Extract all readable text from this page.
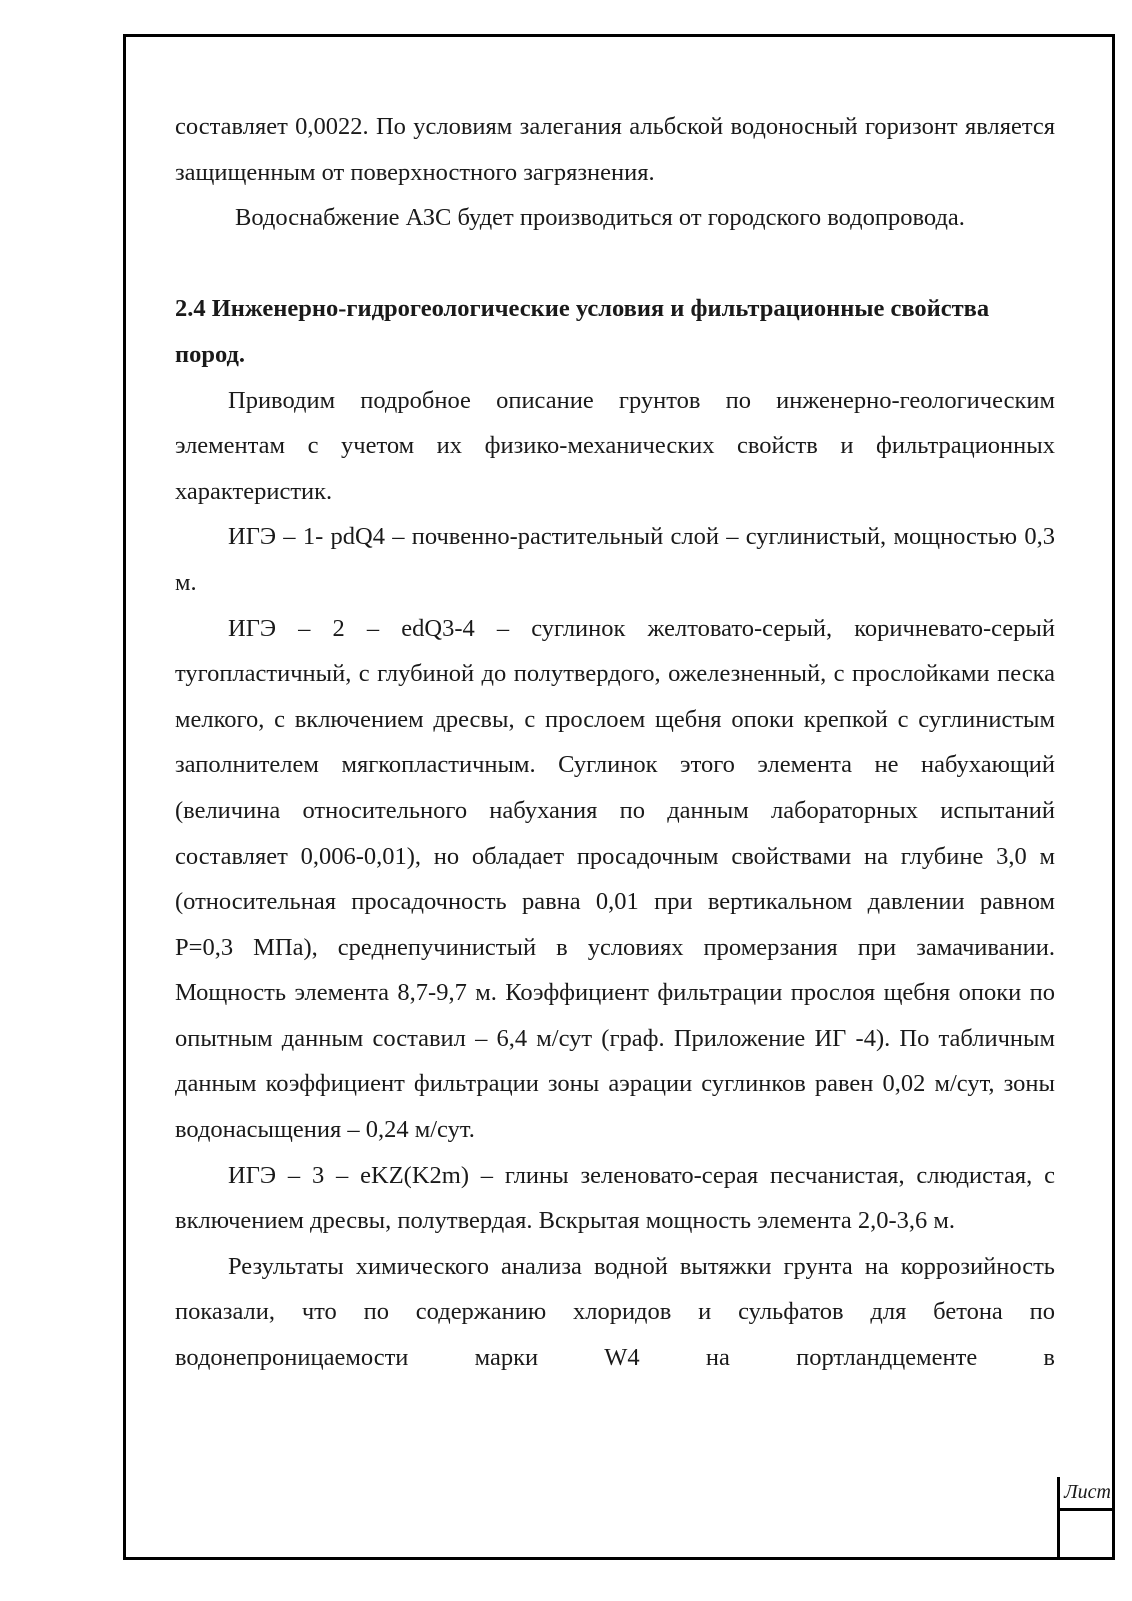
составляет 0,0022. По условиям залегания альбской водоносный горизонт является защищенным от поверхностного загрязнения.

Водоснабжение АЗС будет производиться от городского водопровода.

2.4 Инженерно-гидрогеологические условия и фильтрационные свойства пород.

Приводим подробное описание грунтов по инженерно-геологическим элементам с учетом их физико-механических свойств и фильтрационных характеристик.

ИГЭ – 1- pdQ4 – почвенно-растительный слой – суглинистый, мощностью 0,3 м.

ИГЭ – 2 – edQ3-4 – суглинок желтовато-серый, коричневато-серый тугопластичный, с глубиной до полутвердого, ожелезненный, с прослойками песка мелкого, с включением дресвы, с прослоем щебня опоки крепкой с суглинистым заполнителем мягкопластичным. Суглинок этого элемента не набухающий (величина относительного набухания по данным лабораторных испытаний составляет 0,006-0,01), но обладает просадочным свойствами на глубине 3,0 м (относительная просадочность равна 0,01 при вертикальном давлении равном Р=0,3 МПа), среднепучинистый в условиях промерзания при замачивании. Мощность элемента 8,7-9,7 м. Коэффициент фильтрации прослоя щебня опоки по опытным данным составил – 6,4 м/сут (граф. Приложение ИГ -4). По табличным данным коэффициент фильтрации зоны аэрации суглинков равен 0,02 м/сут, зоны водонасыщения – 0,24 м/сут.

ИГЭ – 3 – eKZ(K2m) – глины зеленовато-серая песчанистая, слюдистая, с включением дресвы, полутвердая. Вскрытая мощность элемента 2,0-3,6 м.

Результаты химического анализа водной вытяжки грунта на коррозийность показали, что по содержанию хлоридов и сульфатов для бетона по водонепроницаемости марки W4 на портландцементе в

Лист
